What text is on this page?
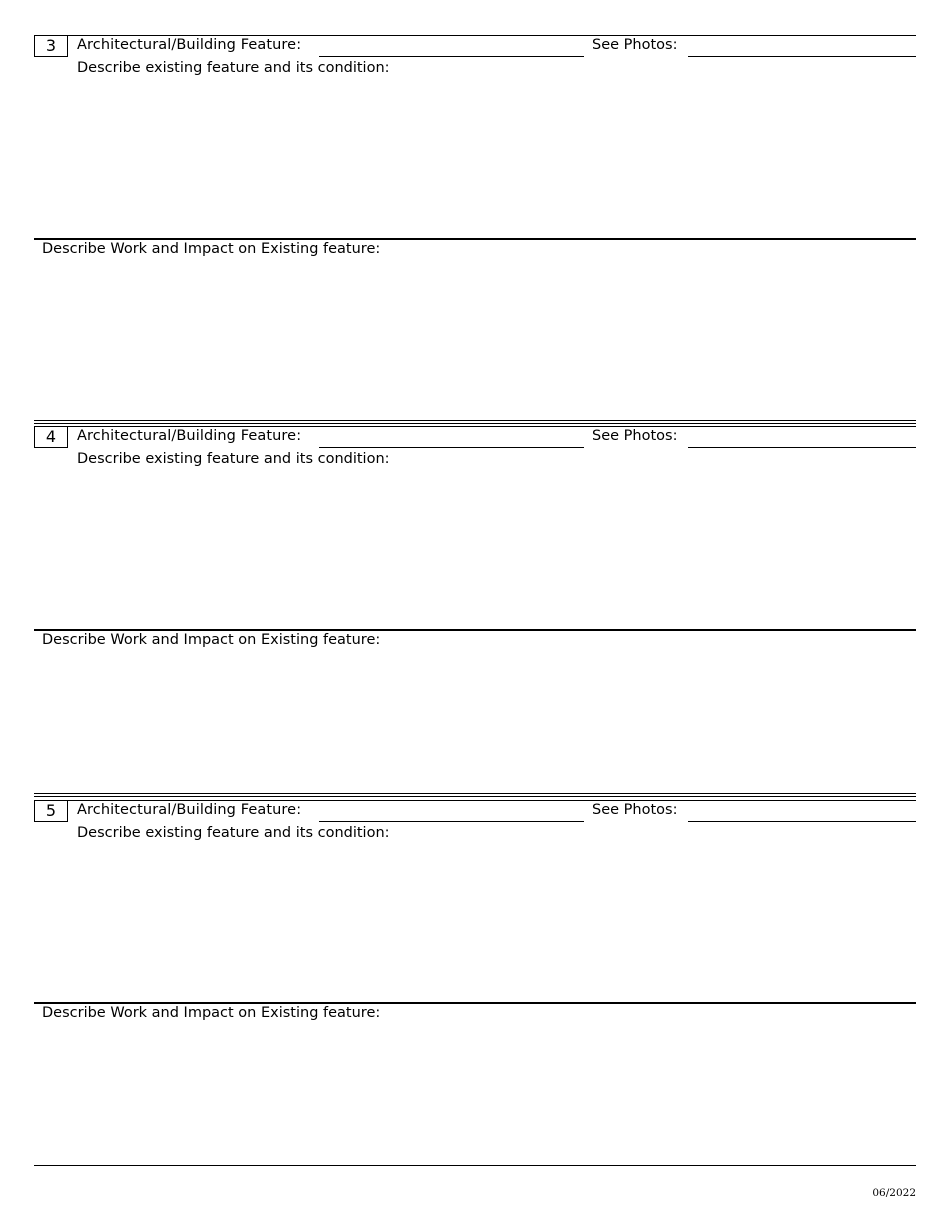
3	Architectural/Building Feature:	See Photos:
Describe existing feature and its condition:
Describe Work and Impact on Existing feature:
4	Architectural/Building Feature:	See Photos:
Describe existing feature and its condition:
Describe Work and Impact on Existing feature:
5	Architectural/Building Feature:	See Photos:
Describe existing feature and its condition:
Describe Work and Impact on Existing feature:
06/2022
